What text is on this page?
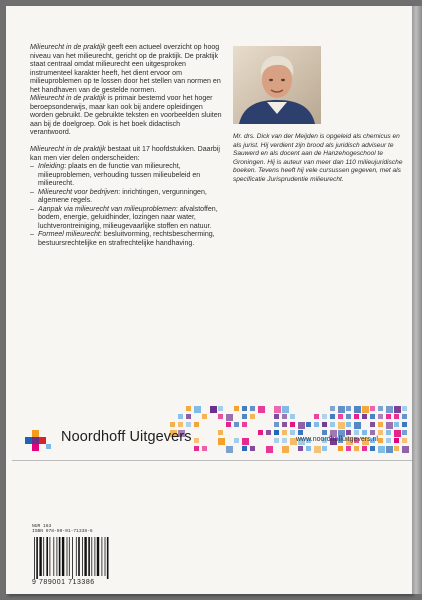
Milieurecht in de praktijk geeft een actueel overzicht op hoog niveau van het milieurecht, gericht op de praktijk. De praktijk staat centraal omdat milieurecht een uitgesproken instrumenteel karakter heeft, het dient ervoor om milieuproblemen op te lossen door het stellen van normen en het handhaven van de gestelde normen.

Milieurecht in de praktijk is primair bestemd voor het hoger beroepsonderwijs, maar kan ook bij andere opleidingen worden gebruikt. De gebruikte teksten en voorbeelden sluiten aan bij de doelgroep. Ook is het boek didactisch verantwoord.

Milieurecht in de praktijk bestaat uit 17 hoofdstukken. Daarbij kan men vier delen onderscheiden:

– Inleiding: plaats en de functie van milieurecht, milieuproblemen, verhouding tussen milieubeleid en milieurecht.
– Milieurecht voor bedrijven: inrichtingen, vergunningen, algemene regels.
– Aanpak via milieurecht van milieuproblemen: afvalstoffen, bodem, energie, geluidhinder, lozingen naar water, luchtverontreiniging, milieugevaarlijke stoffen en natuur.
– Formeel milieurecht: besluitvorming, rechtsbescherming, bestuursrechtelijke en strafrechtelijke handhaving.

Mr. drs. Dick van der Meijden is opgeleid als chemicus en als jurist. Hij verdient zijn brood als juridisch adviseur te Sauwerd en als docent aan de Hanzehogeschool te Groningen. Hij is auteur van meer dan 110 milieujuridische boeken. Tevens heeft hij vele cursussen gegeven, met als specificatie Jurisprudentie milieurecht.

Noordhoff Uitgevers	www.noordhoffuitgevers.nl
NUR 163
ISBN 978-90-01-71338-6
9 789001 713386
